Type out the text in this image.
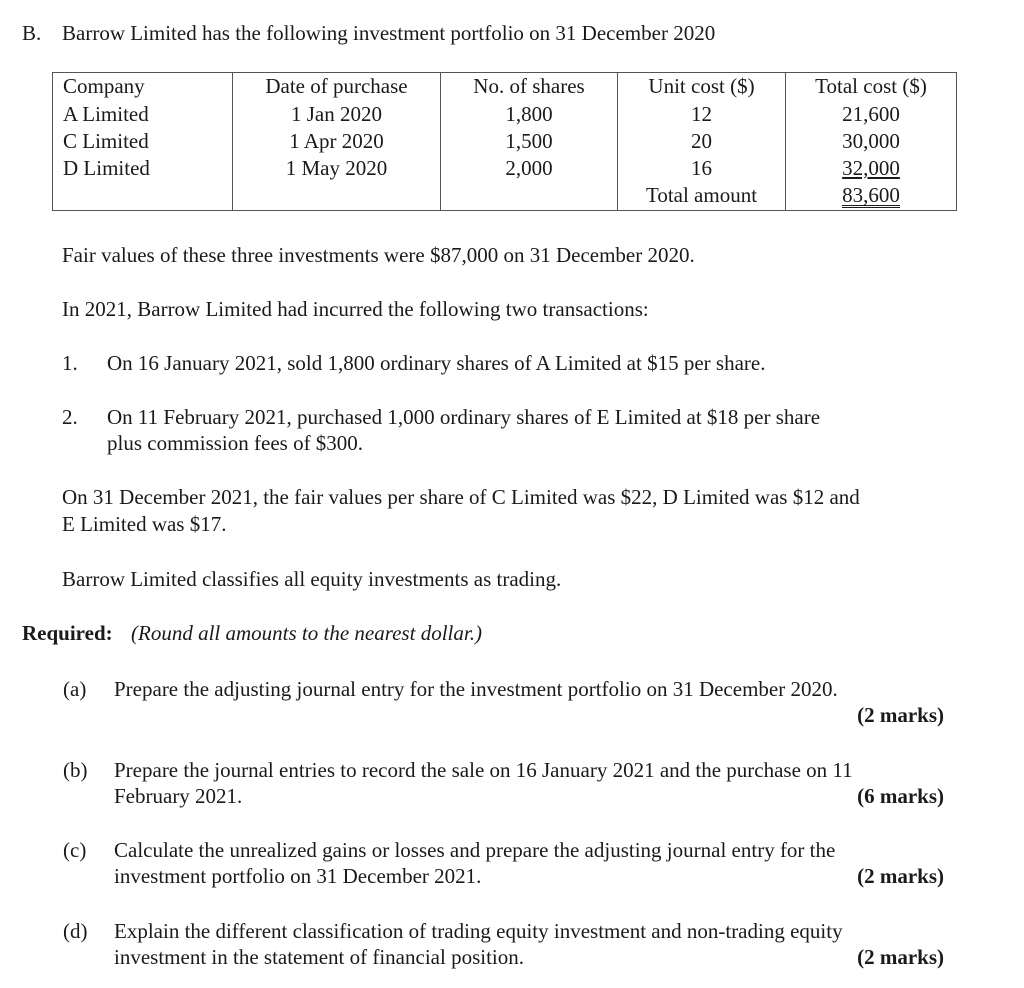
B. Barrow Limited has the following investment portfolio on 31 December 2020
Company	Date of purchase	No. of shares	Unit cost ($)	Total cost ($)
A Limited	1 Jan 2020	1,800	12	21,600
C Limited	1 Apr 2020	1,500	20	30,000
D Limited	1 May 2020	2,000	16	32,000
			Total amount	83,600
Fair values of these three investments were $87,000 on 31 December 2020.
In 2021, Barrow Limited had incurred the following two transactions:
1. On 16 January 2021, sold 1,800 ordinary shares of A Limited at $15 per share.
2. On 11 February 2021, purchased 1,000 ordinary shares of E Limited at $18 per share
plus commission fees of $300.
On 31 December 2021, the fair values per share of C Limited was $22, D Limited was $12 and
E Limited was $17.
Barrow Limited classifies all equity investments as trading.
Required: (Round all amounts to the nearest dollar.)
(a) Prepare the adjusting journal entry for the investment portfolio on 31 December 2020.
(2 marks)
(b) Prepare the journal entries to record the sale on 16 January 2021 and the purchase on 11
February 2021.	(6 marks)
(c) Calculate the unrealized gains or losses and prepare the adjusting journal entry for the
investment portfolio on 31 December 2021.	(2 marks)
(d) Explain the different classification of trading equity investment and non-trading equity
investment in the statement of financial position.	(2 marks)
